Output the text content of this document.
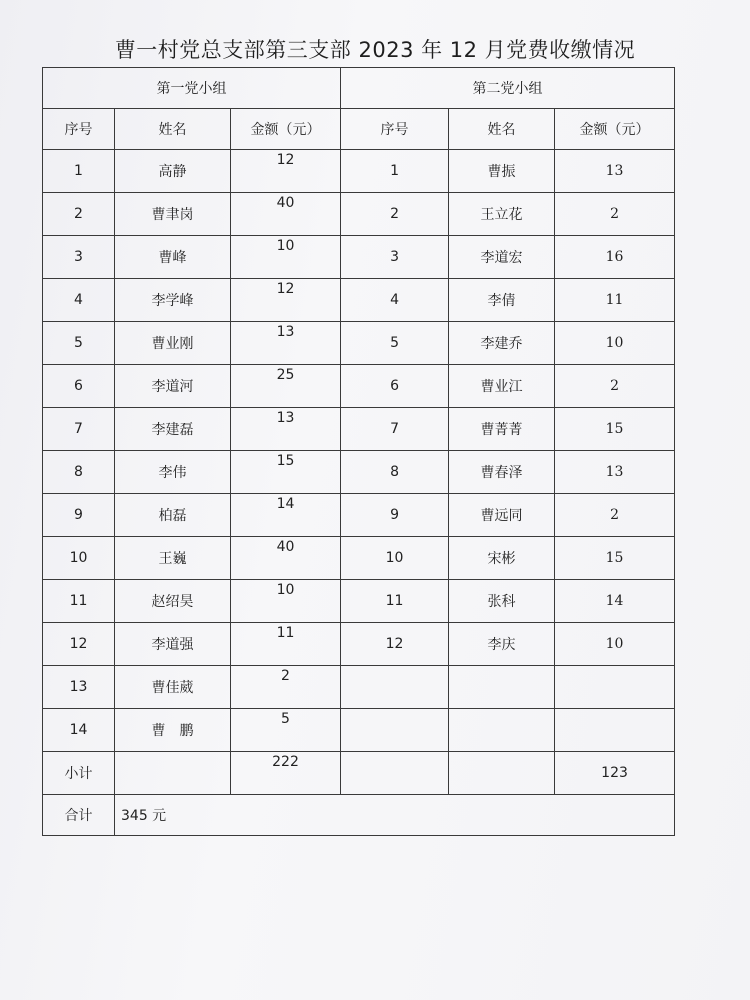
曹一村党总支部第三支部 2023 年 12 月党费收缴情况
第一党小组			第二党小组		
序号	姓名	金额（元）	序号	姓名	金额（元）
1	高静	12	1	曹振	13
2	曹聿岗	40	2	王立花	2
3	曹峰	10	3	李道宏	16
4	李学峰	12	4	李倩	11
5	曹业刚	13	5	李建乔	10
6	李道河	25	6	曹业江	2
7	李建磊	13	7	曹菁菁	15
8	李伟	15	8	曹春泽	13
9	柏磊	14	9	曹远同	2
10	王巍	40	10	宋彬	15
11	赵绍昊	10	11	张科	14
12	李道强	11	12	李庆	10
13	曹佳葳	2			
14	曹　鹏	5			
小计		222			123
合计	345 元				
